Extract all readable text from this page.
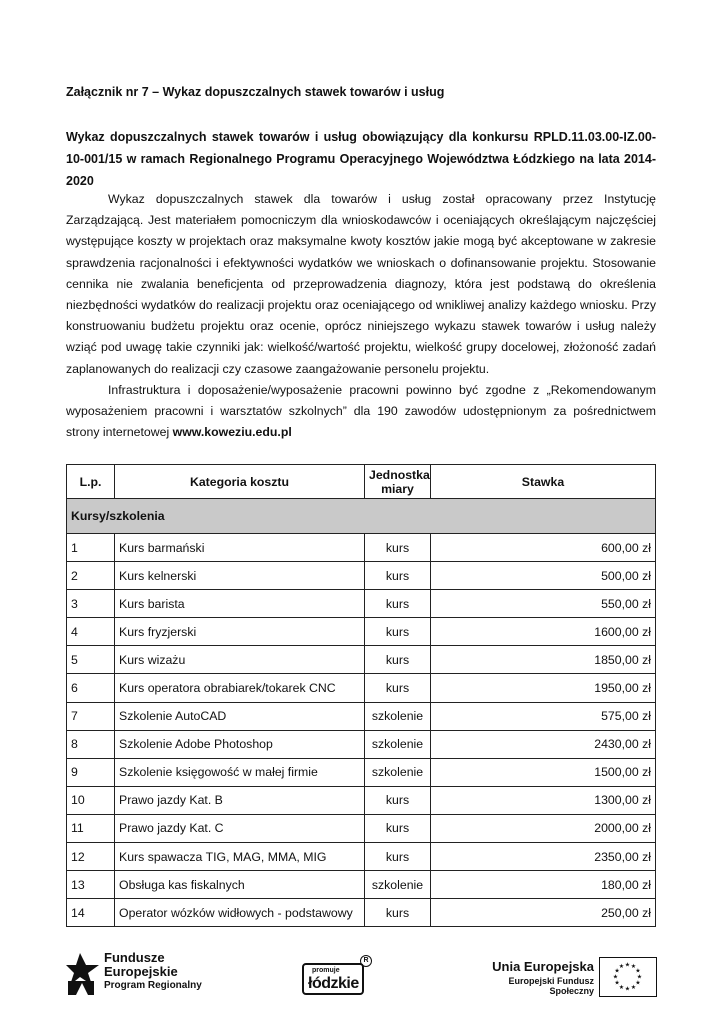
Załącznik nr 7 – Wykaz dopuszczalnych stawek towarów i usług
Wykaz dopuszczalnych stawek towarów i usług obowiązujący dla konkursu RPLD.11.03.00-IZ.00-10-001/15 w ramach Regionalnego Programu Operacyjnego Województwa Łódzkiego na lata 2014-2020

Wykaz dopuszczalnych stawek dla towarów i usług został opracowany przez Instytucję Zarządzającą. Jest materiałem pomocniczym dla wnioskodawców i oceniających określającym najczęściej występujące koszty w projektach oraz maksymalne kwoty kosztów jakie mogą być akceptowane w zakresie sprawdzenia racjonalności i efektywności wydatków we wnioskach o dofinansowanie projektu. Stosowanie cennika nie zwalania beneficjenta od przeprowadzenia diagnozy, która jest podstawą do określenia niezbędności wydatków do realizacji projektu oraz oceniającego od wnikliwej analizy każdego wniosku. Przy konstruowaniu budżetu projektu oraz ocenie, oprócz niniejszego wykazu stawek towarów i usług należy wziąć pod uwagę takie czynniki jak: wielkość/wartość projektu, wielkość grupy docelowej, złożoność zadań zaplanowanych do realizacji czy czasowe zaangażowanie personelu projektu.

Infrastruktura i doposażenie/wyposażenie pracowni powinno być zgodne z „Rekomendowanym wyposażeniem pracowni i warsztatów szkolnych” dla 190 zawodów udostępnionym za pośrednictwem strony internetowej www.koweziu.edu.pl

L.p.	Kategoria kosztu	Jednostka miary	Stawka
Kursy/szkolenia			
1	Kurs barmański	kurs	600,00 zł
2	Kurs kelnerski	kurs	500,00 zł
3	Kurs barista	kurs	550,00 zł
4	Kurs fryzjerski	kurs	1600,00 zł
5	Kurs wizażu	kurs	1850,00 zł
6	Kurs operatora obrabiarek/tokarek CNC	kurs	1950,00 zł
7	Szkolenie AutoCAD	szkolenie	575,00 zł
8	Szkolenie Adobe Photoshop	szkolenie	2430,00 zł
9	Szkolenie księgowość w małej firmie	szkolenie	1500,00 zł
10	Prawo jazdy Kat. B	kurs	1300,00 zł
11	Prawo jazdy Kat. C	kurs	2000,00 zł
12	Kurs spawacza TIG, MAG, MMA, MIG	kurs	2350,00 zł
13	Obsługa kas fiskalnych	szkolenie	180,00 zł
14	Operator wózków widłowych - podstawowy	kurs	250,00 zł
Fundusze
Europejskie
Program Regionalny
promuje
łódzkie
R	Unia Europejska
Europejski Fundusz Społeczny
★
★
★
★
★
★
★
★
★ ★ ★
★
